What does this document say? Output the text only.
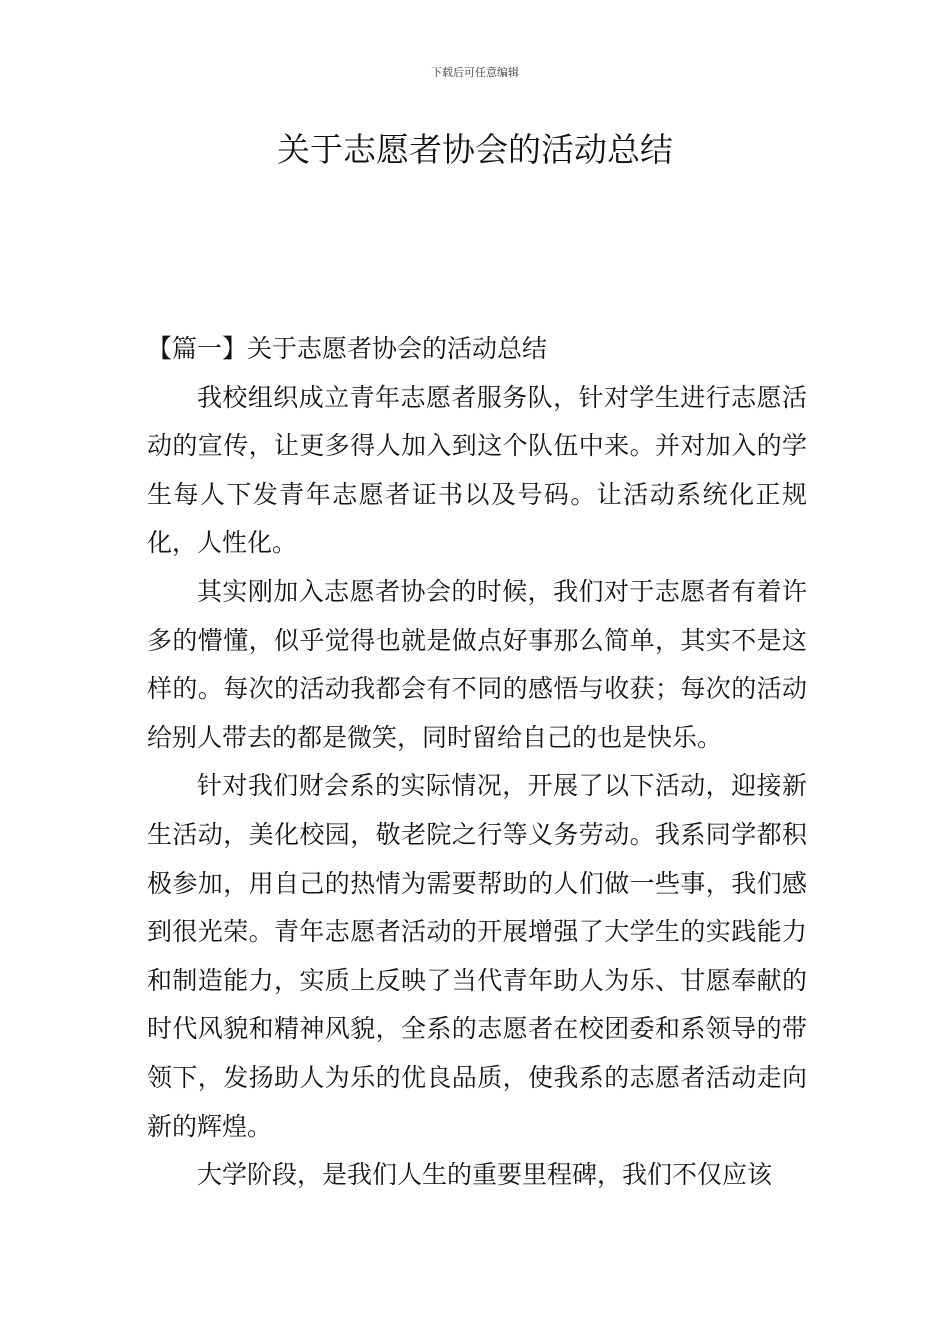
下载后可任意编辑
关于志愿者协会的活动总结

【篇一】关于志愿者协会的活动总结

我校组织成立青年志愿者服务队，针对学生进行志愿活动的宣传，让更多得人加入到这个队伍中来。并对加入的学生每人下发青年志愿者证书以及号码。让活动系统化正规化，人性化。

其实刚加入志愿者协会的时候，我们对于志愿者有着许多的懵懂，似乎觉得也就是做点好事那么简单，其实不是这样的。每次的活动我都会有不同的感悟与收获；每次的活动给别人带去的都是微笑，同时留给自己的也是快乐。

针对我们财会系的实际情况，开展了以下活动，迎接新生活动，美化校园，敬老院之行等义务劳动。我系同学都积极参加，用自己的热情为需要帮助的人们做一些事，我们感到很光荣。青年志愿者活动的开展增强了大学生的实践能力和制造能力，实质上反映了当代青年助人为乐、甘愿奉献的时代风貌和精神风貌，全系的志愿者在校团委和系领导的带领下，发扬助人为乐的优良品质，使我系的志愿者活动走向新的辉煌。

大学阶段，是我们人生的重要里程碑，我们不仅应该
